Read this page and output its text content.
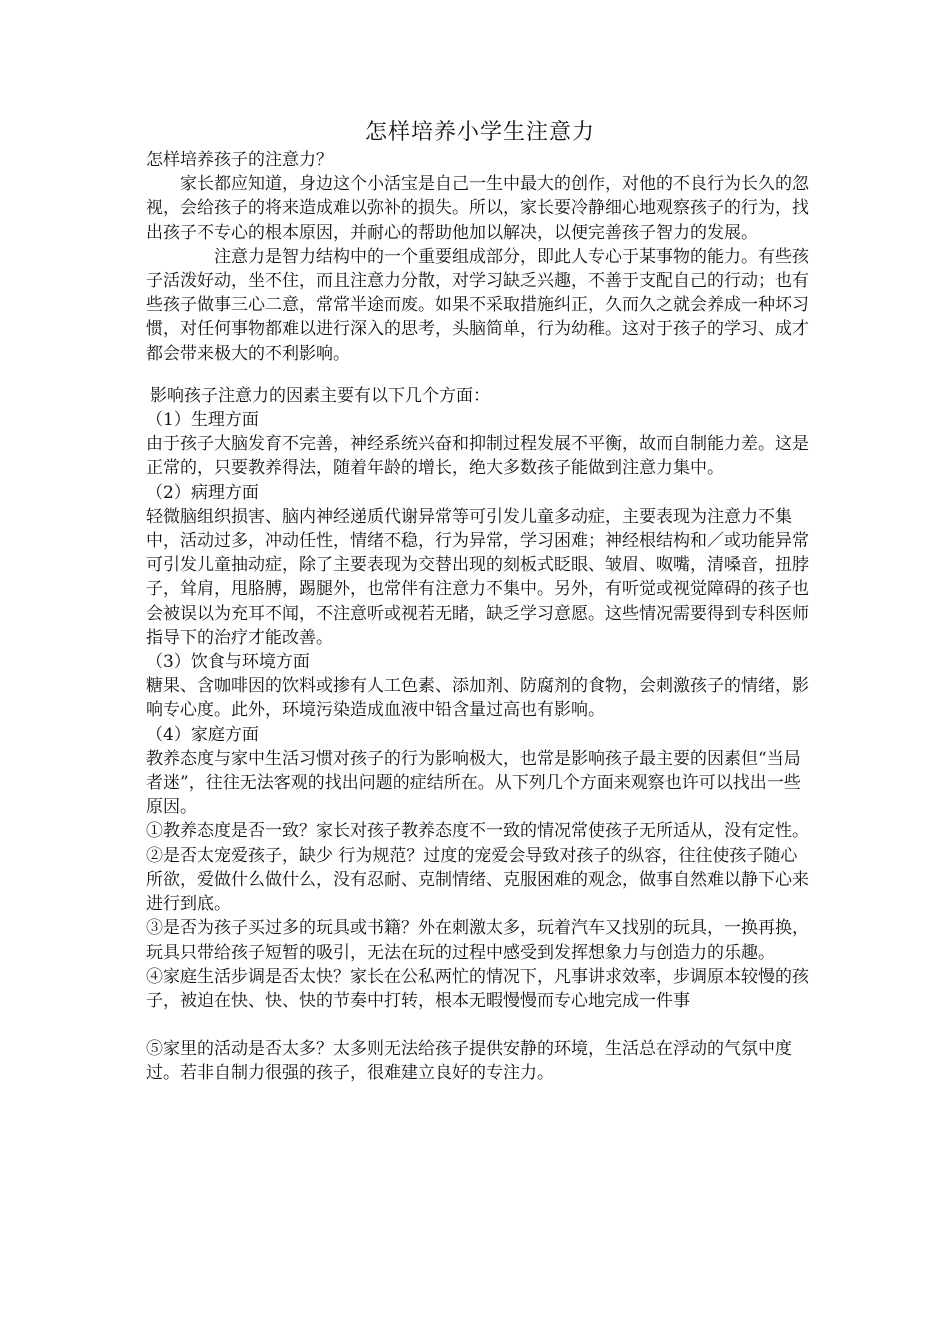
怎样培养小学生注意力

怎样培养孩子的注意力？

家长都应知道，身边这个小活宝是自己一生中最大的创作，对他的不良行为长久的忽视，会给孩子的将来造成难以弥补的损失。所以，家长要冷静细心地观察孩子的行为，找出孩子不专心的根本原因，并耐心的帮助他加以解决，以便完善孩子智力的发展。

注意力是智力结构中的一个重要组成部分，即此人专心于某事物的能力。有些孩子活泼好动，坐不住，而且注意力分散，对学习缺乏兴趣，不善于支配自己的行动；也有些孩子做事三心二意，常常半途而废。如果不采取措施纠正，久而久之就会养成一种坏习惯，对任何事物都难以进行深入的思考，头脑简单，行为幼稚。这对于孩子的学习、成才都会带来极大的不利影响。

影响孩子注意力的因素主要有以下几个方面：

（1）生理方面

由于孩子大脑发育不完善，神经系统兴奋和抑制过程发展不平衡，故而自制能力差。这是正常的，只要教养得法，随着年龄的增长，绝大多数孩子能做到注意力集中。

（2）病理方面

轻微脑组织损害、脑内神经递质代谢异常等可引发儿童多动症，主要表现为注意力不集中，活动过多，冲动任性，情绪不稳，行为异常，学习困难；神经根结构和／或功能异常可引发儿童抽动症，除了主要表现为交替出现的刻板式眨眼、皱眉、呶嘴，清嗓音，扭脖子，耸肩，甩胳膊，踢腿外，也常伴有注意力不集中。另外，有听觉或视觉障碍的孩子也会被误以为充耳不闻，不注意听或视若无睹，缺乏学习意愿。这些情况需要得到专科医师指导下的治疗才能改善。

（3）饮食与环境方面

糖果、含咖啡因的饮料或掺有人工色素、添加剂、防腐剂的食物，会刺激孩子的情绪，影响专心度。此外，环境污染造成血液中铅含量过高也有影响。

（4）家庭方面

教养态度与家中生活习惯对孩子的行为影响极大，也常是影响孩子最主要的因素但“当局者迷”，往往无法客观的找出问题的症结所在。从下列几个方面来观察也许可以找出一些原因。

①教养态度是否一致？家长对孩子教养态度不一致的情况常使孩子无所适从，没有定性。

②是否太宠爱孩子，缺少 行为规范？过度的宠爱会导致对孩子的纵容，往往使孩子随心所欲，爱做什么做什么，没有忍耐、克制情绪、克服困难的观念，做事自然难以静下心来进行到底。

③是否为孩子买过多的玩具或书籍？外在刺激太多，玩着汽车又找别的玩具，一换再换，玩具只带给孩子短暂的吸引，无法在玩的过程中感受到发挥想象力与创造力的乐趣。

④家庭生活步调是否太快？家长在公私两忙的情况下，凡事讲求效率，步调原本较慢的孩子，被迫在快、快、快的节奏中打转，根本无暇慢慢而专心地完成一件事

⑤家里的活动是否太多？太多则无法给孩子提供安静的环境，生活总在浮动的气氛中度过。若非自制力很强的孩子，很难建立良好的专注力。
